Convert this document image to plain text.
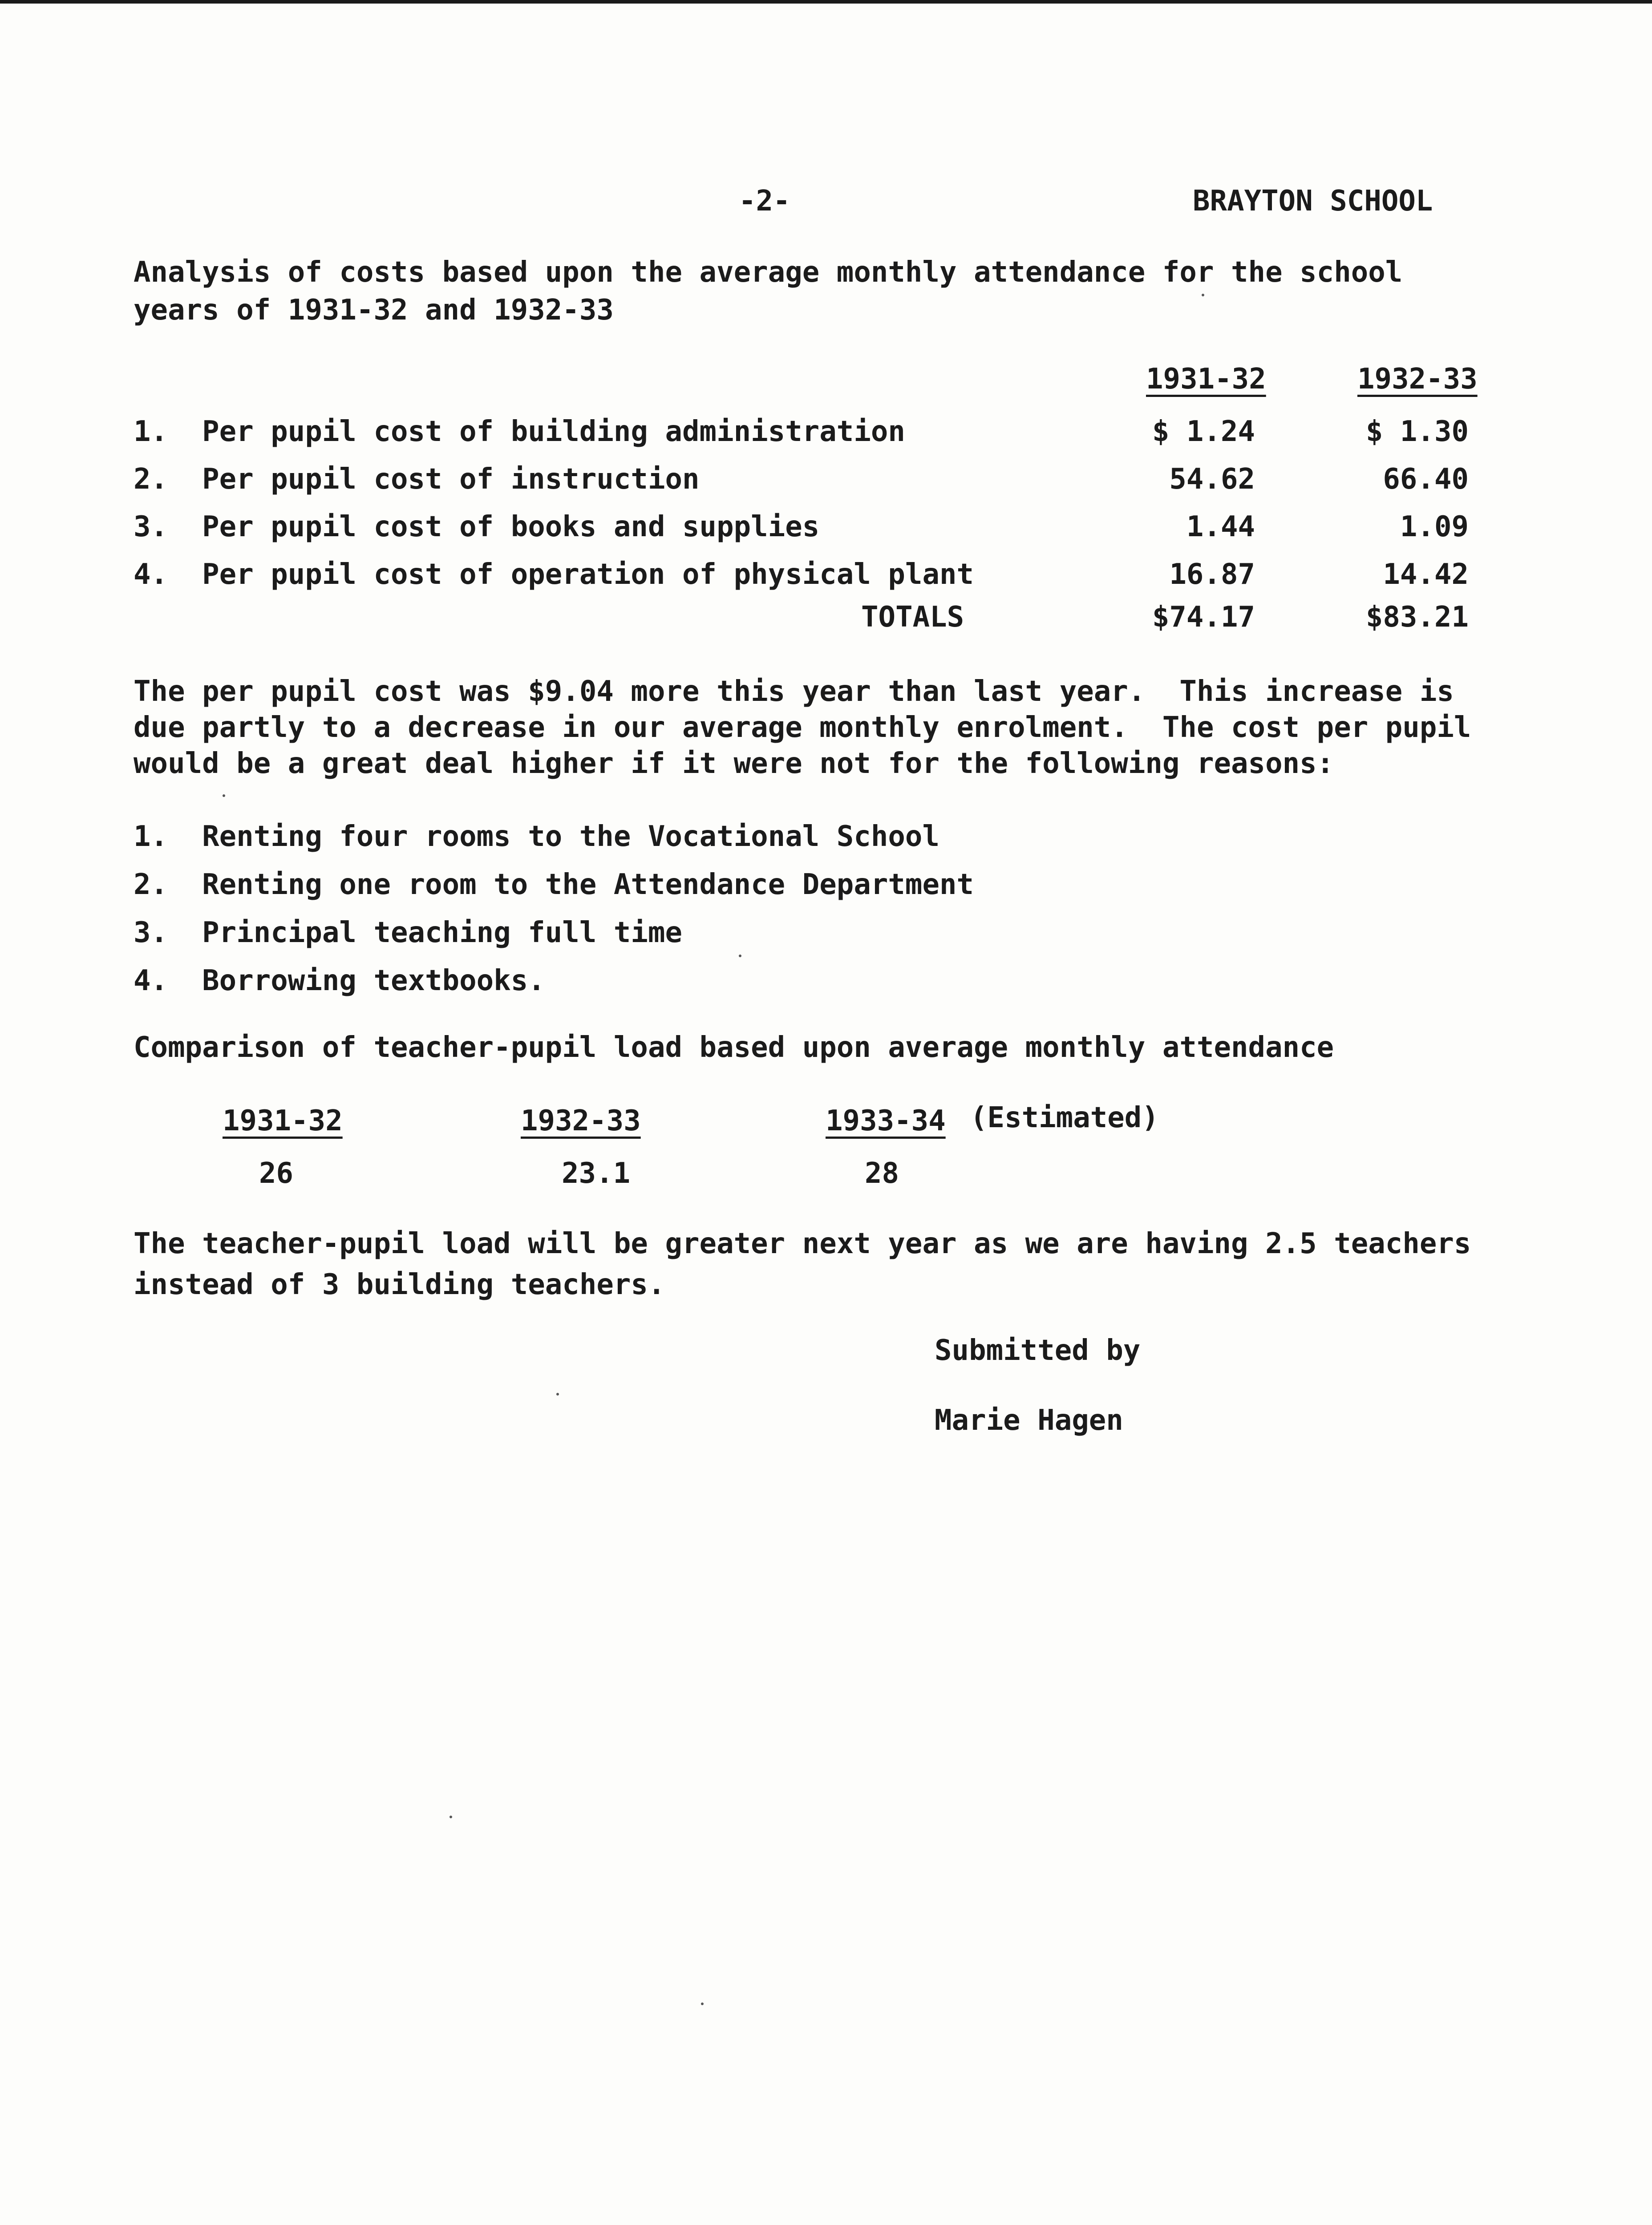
-2-	BRAYTON SCHOOL
Analysis of costs based upon the average monthly attendance for the school
years of 1931-32 and 1932-33
1931-32	1932-33
1.  Per pupil cost of building administration	$ 1.24	$ 1.30
2.  Per pupil cost of instruction	54.62	66.40
3.  Per pupil cost of books and supplies	1.44	1.09
4.  Per pupil cost of operation of physical plant	16.87	14.42
TOTALS	$74.17	$83.21
The per pupil cost was $9.04 more this year than last year.  This increase is
due partly to a decrease in our average monthly enrolment.  The cost per pupil
would be a great deal higher if it were not for the following reasons:
1.  Renting four rooms to the Vocational School
2.  Renting one room to the Attendance Department
3.  Principal teaching full time
4.  Borrowing textbooks.
Comparison of teacher-pupil load based upon average monthly attendance
1931-32	1932-33	1933-34 (Estimated)
26	23.1	28
The teacher-pupil load will be greater next year as we are having 2.5 teachers
instead of 3 building teachers.
Submitted by
Marie Hagen
